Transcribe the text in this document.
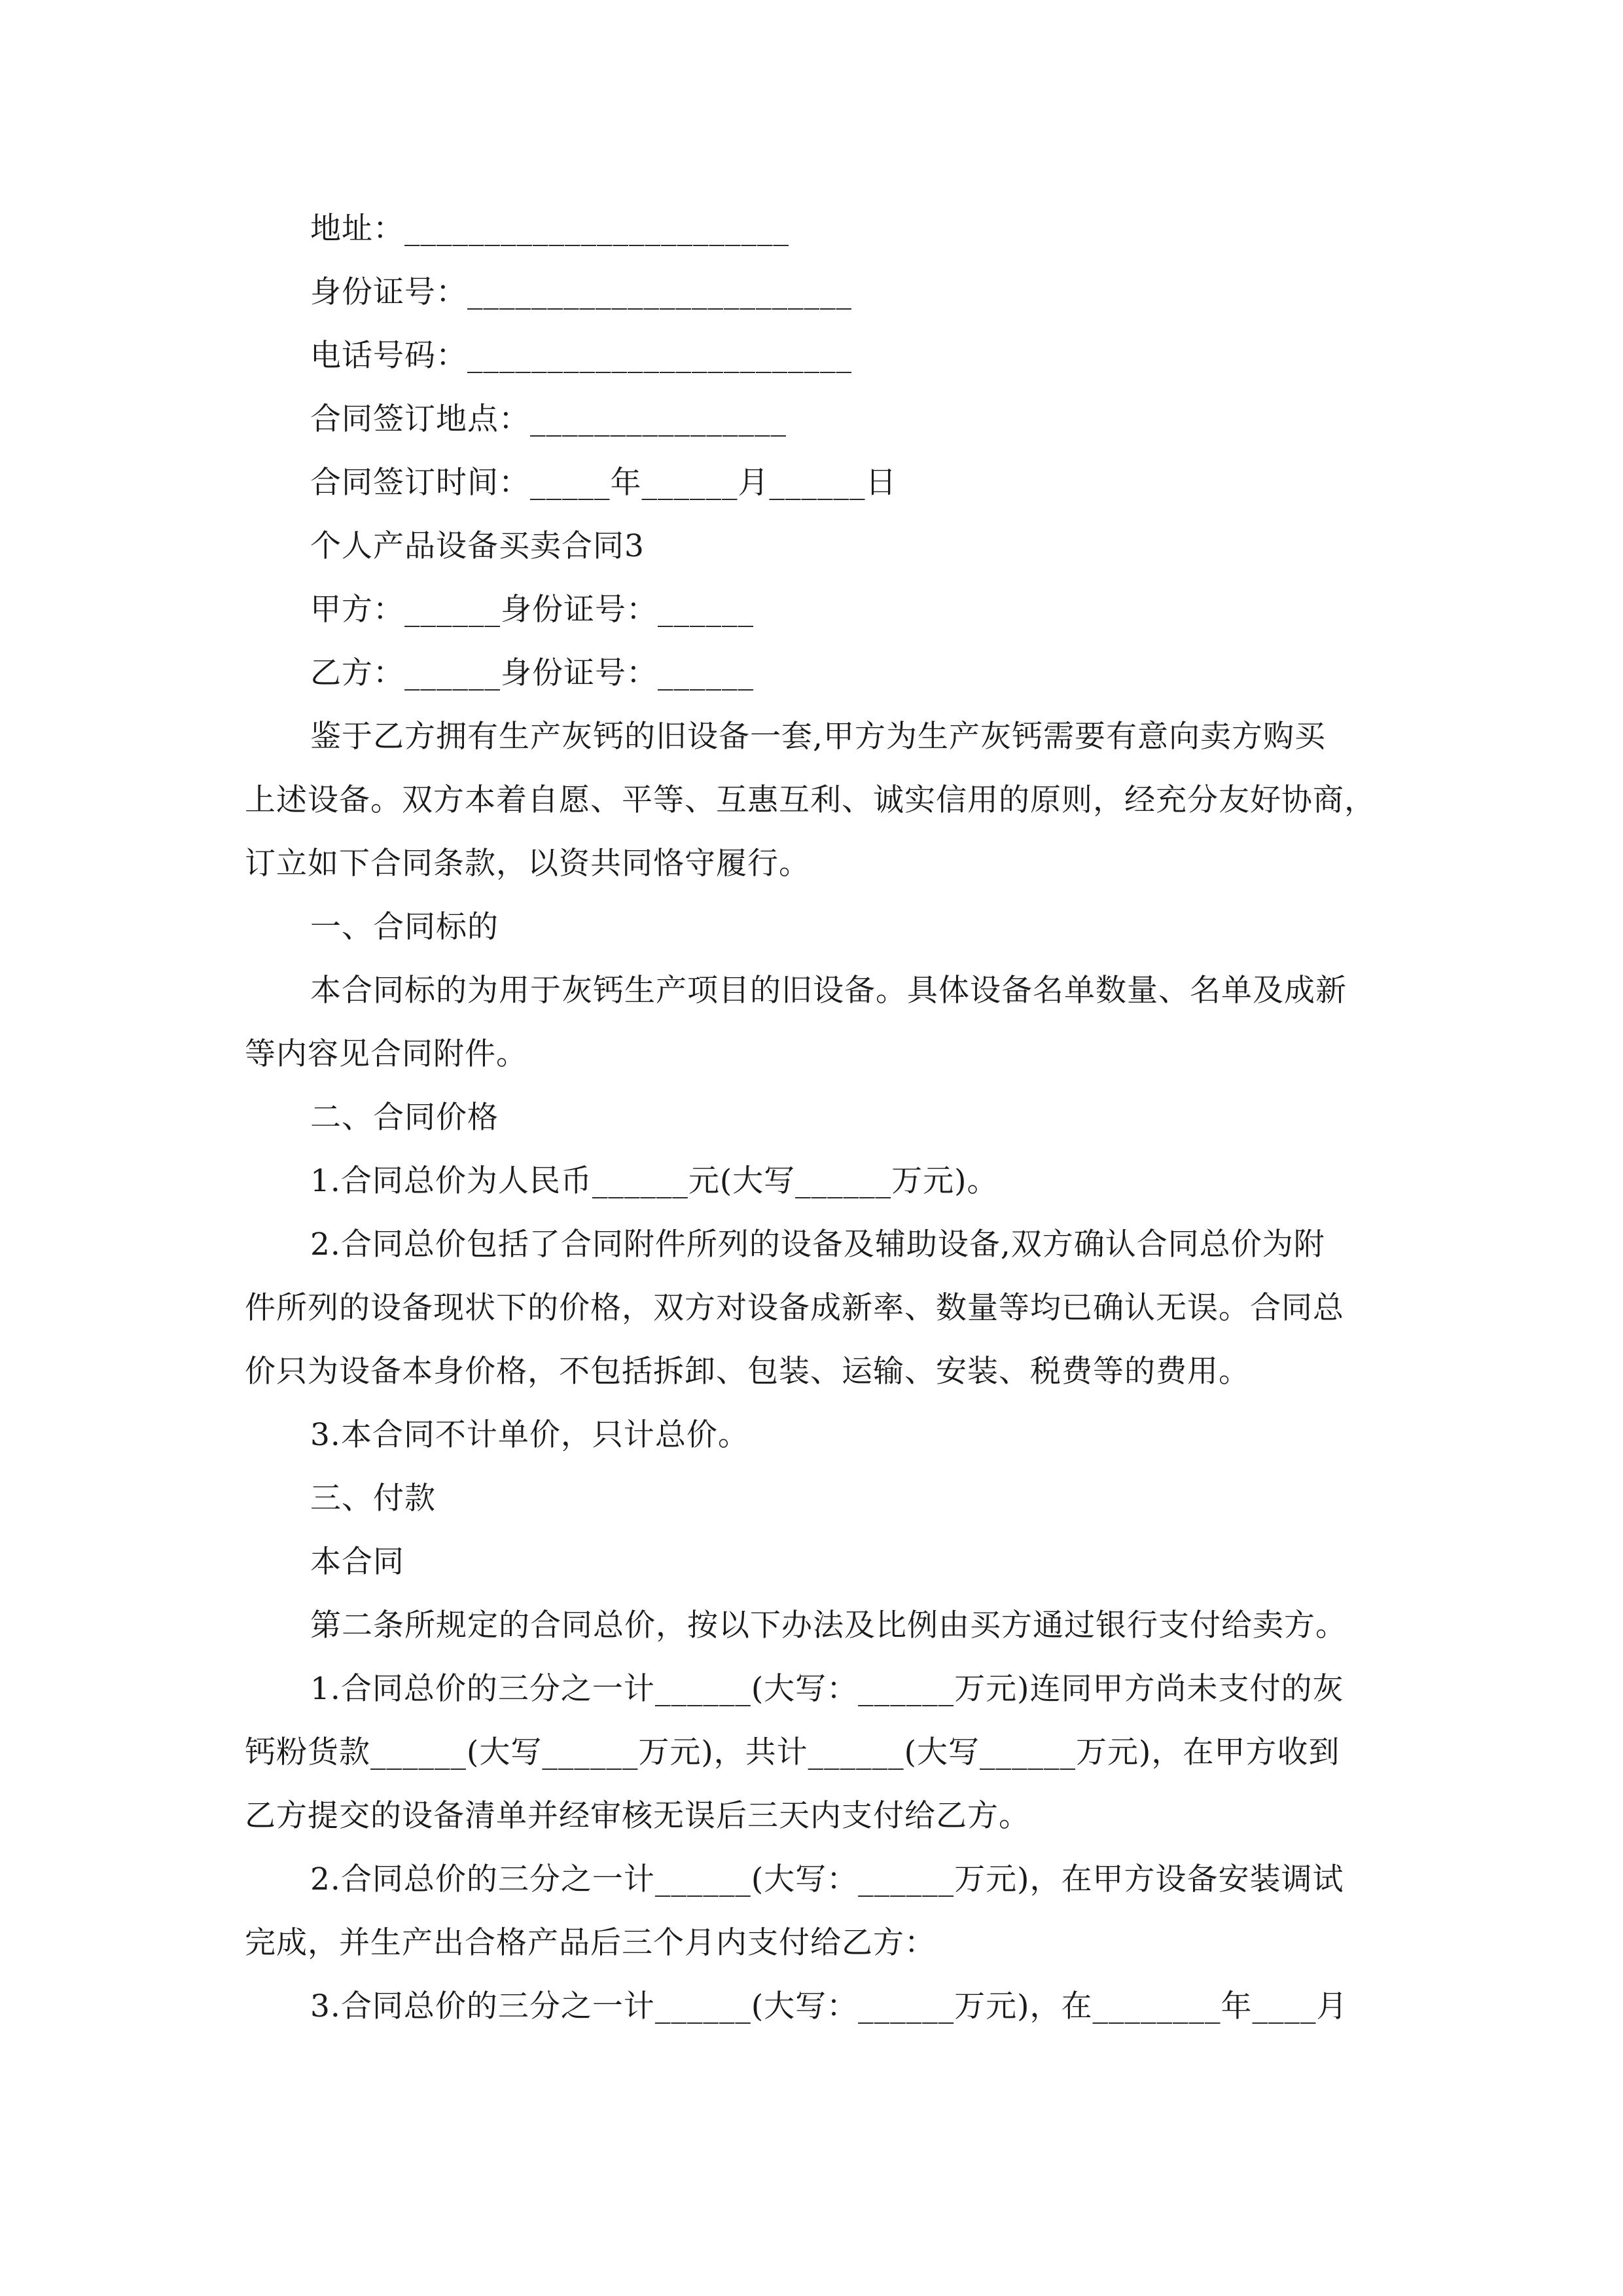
地址：________________________
身份证号：________________________
电话号码：________________________
合同签订地点：________________
合同签订时间：_____年______月______日
个人产品设备买卖合同3
甲方：______身份证号：______
乙方：______身份证号：______
鉴于乙方拥有生产灰钙的旧设备一套,甲方为生产灰钙需要有意向卖方购买
上述设备。双方本着自愿、平等、互惠互利、诚实信用的原则，经充分友好协商，
订立如下合同条款，以资共同恪守履行。
一、合同标的
本合同标的为用于灰钙生产项目的旧设备。具体设备名单数量、名单及成新
等内容见合同附件。
二、合同价格
1.合同总价为人民币______元(大写______万元)。
2.合同总价包括了合同附件所列的设备及辅助设备,双方确认合同总价为附
件所列的设备现状下的价格，双方对设备成新率、数量等均已确认无误。合同总
价只为设备本身价格，不包括拆卸、包装、运输、安装、税费等的费用。
3.本合同不计单价，只计总价。
三、付款
本合同
第二条所规定的合同总价，按以下办法及比例由买方通过银行支付给卖方。
1.合同总价的三分之一计______(大写：______万元)连同甲方尚未支付的灰
钙粉货款______(大写______万元)，共计______(大写______万元)，在甲方收到
乙方提交的设备清单并经审核无误后三天内支付给乙方。
2.合同总价的三分之一计______(大写：______万元)，在甲方设备安装调试
完成，并生产出合格产品后三个月内支付给乙方：
3.合同总价的三分之一计______(大写：______万元)，在________年____月
